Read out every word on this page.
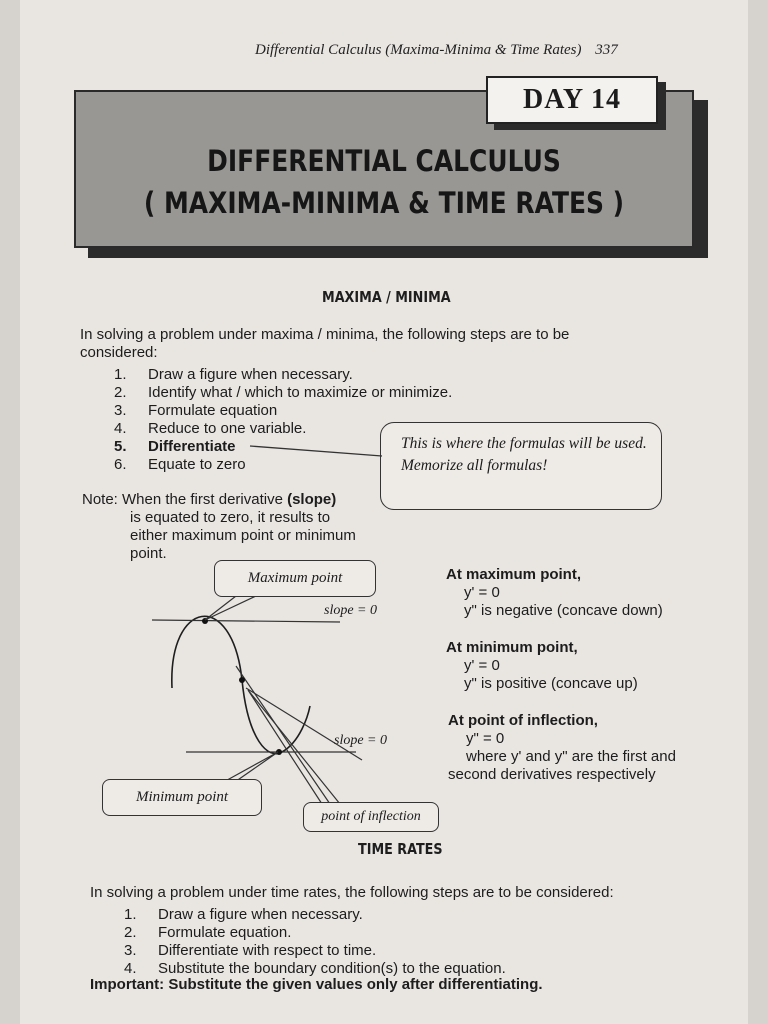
Differential Calculus (Maxima-Minima & Time Rates) 337
DAY 14
DIFFERENTIAL CALCULUS
( MAXIMA-MINIMA & TIME RATES )
MAXIMA / MINIMA
In solving a problem under maxima / minima, the following steps are to be considered:
1.	Draw a figure when necessary.
2.	Identify what / which to maximize or minimize.
3.	Formulate equation
4.	Reduce to one variable.
5.	Differentiate
6.	Equate to zero
This is where the formulas will be used. Memorize all formulas!
Note: When the first derivative (slope)
is equated to zero, it results to
either maximum point or minimum point.
Maximum point
slope = 0
slope = 0
Minimum point
point of inflection
At maximum point,
y' = 0
y" is negative (concave down)
At minimum point,
y' = 0
y" is positive (concave up)
At point of inflection,
y" = 0
where y' and y" are the first and
second derivatives respectively
TIME RATES
In solving a problem under time rates, the following steps are to be considered:
1.	Draw a figure when necessary.
2.	Formulate equation.
3.	Differentiate with respect to time.
4.	Substitute the boundary condition(s) to the equation.
Important: Substitute the given values only after differentiating.
